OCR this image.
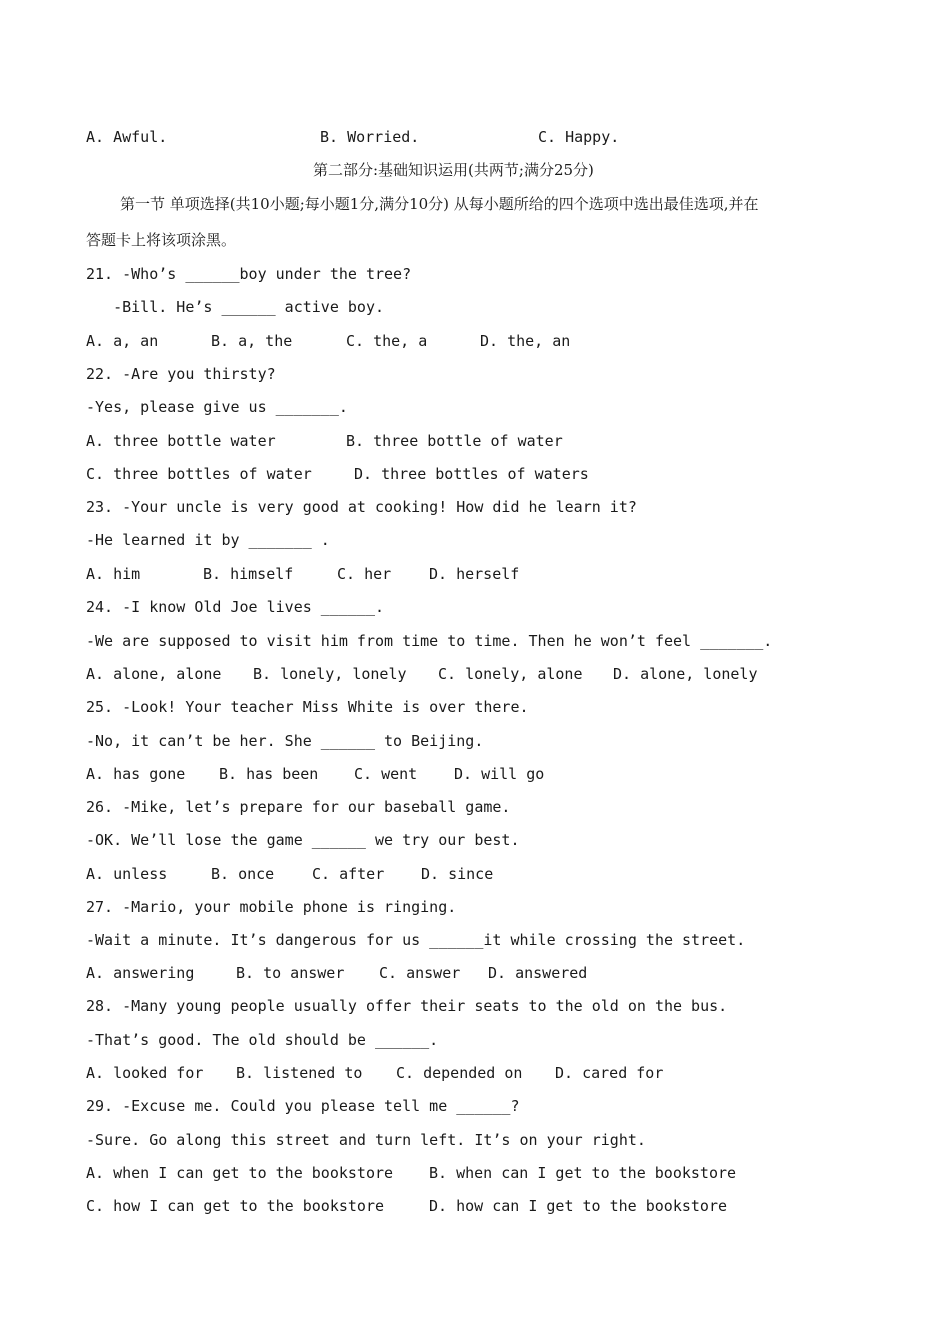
A. Awful.	B. Worried.	C. Happy.
第二部分:基础知识运用(共两节;满分25分)
第一节 单项选择(共10小题;每小题1分,满分10分) 从每小题所给的四个选项中选出最佳选项,并在
答题卡上将该项涂黑。
21. -Who’s ______boy under the tree?
-Bill. He’s ______ active boy.
A. a, an	B. a, the	C. the, a	D. the, an
22. -Are you thirsty?
-Yes, please give us _______.
A. three bottle water	B. three bottle of water
C. three bottles of water	D. three bottles of waters
23. -Your uncle is very good at cooking! How did he learn it?
-He learned it by _______ .
A. him	B. himself	C. her	D. herself
24. -I know Old Joe lives ______.
-We are supposed to visit him from time to time. Then he won’t feel _______.
A. alone, alone B. lonely, lonely C. lonely, alone D. alone, lonely
25. -Look! Your teacher Miss White is over there.
-No, it can’t be her. She ______ to Beijing.
A. has gone B. has been C. went D. will go
26. -Mike, let’s prepare for our baseball game.
-OK. We’ll lose the game ______ we try our best.
A. unless	B. once	C. after D. since
27. -Mario, your mobile phone is ringing.
-Wait a minute. It’s dangerous for us ______it while crossing the street.
A. answering	B. to answer C. answer D. answered
28. -Many young people usually offer their seats to the old on the bus.
-That’s good. The old should be ______.
A. looked for B. listened to C. depended on D. cared for
29. -Excuse me. Could you please tell me ______?
-Sure. Go along this street and turn left. It’s on your right.
A. when I can get to the bookstore B. when can I get to the bookstore
C. how I can get to the bookstore	D. how can I get to the bookstore
